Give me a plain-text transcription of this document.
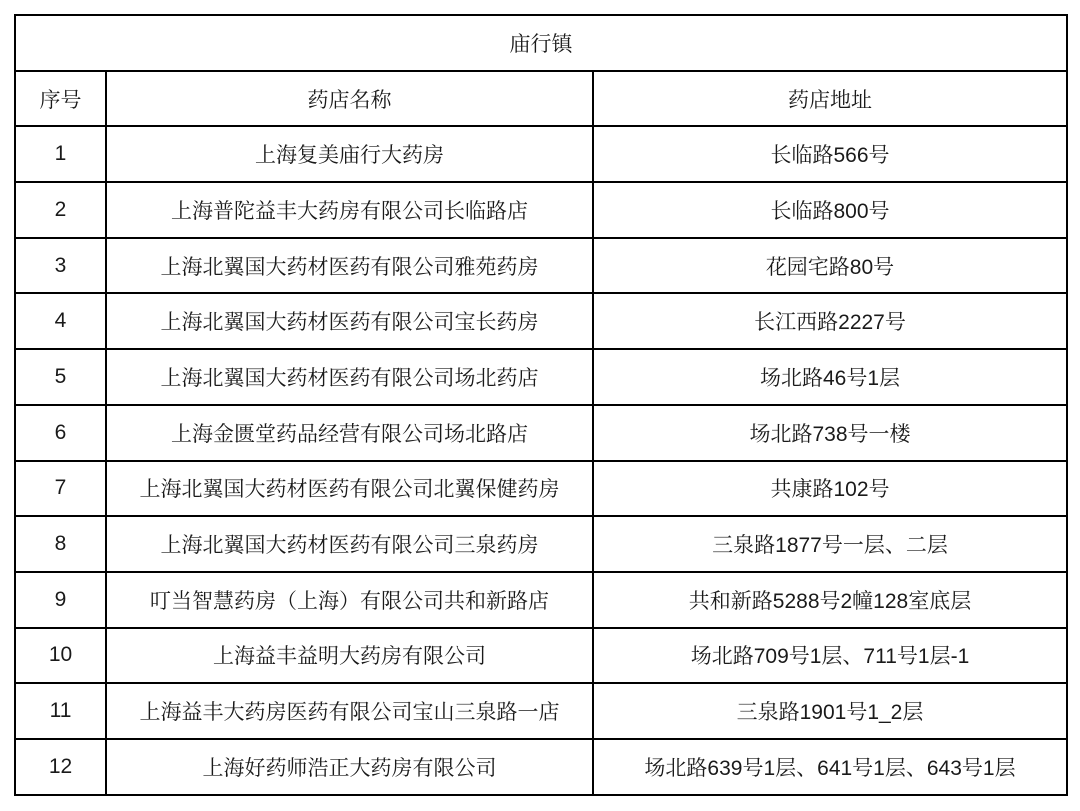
庙行镇		
序号	药店名称	药店地址
1	上海复美庙行大药房	长临路566号
2	上海普陀益丰大药房有限公司长临路店	长临路800号
3	上海北翼国大药材医药有限公司雅苑药房	花园宅路80号
4	上海北翼国大药材医药有限公司宝长药房	长江西路2227号
5	上海北翼国大药材医药有限公司场北药店	场北路46号1层
6	上海金匮堂药品经营有限公司场北路店	场北路738号一楼
7	上海北翼国大药材医药有限公司北翼保健药房	共康路102号
8	上海北翼国大药材医药有限公司三泉药房	三泉路1877号一层、二层
9	叮当智慧药房（上海）有限公司共和新路店	共和新路5288号2幢128室底层
10	上海益丰益明大药房有限公司	场北路709号1层、711号1层-1
11	上海益丰大药房医药有限公司宝山三泉路一店	三泉路1901号1_2层
12	上海好药师浩正大药房有限公司	场北路639号1层、641号1层、643号1层
